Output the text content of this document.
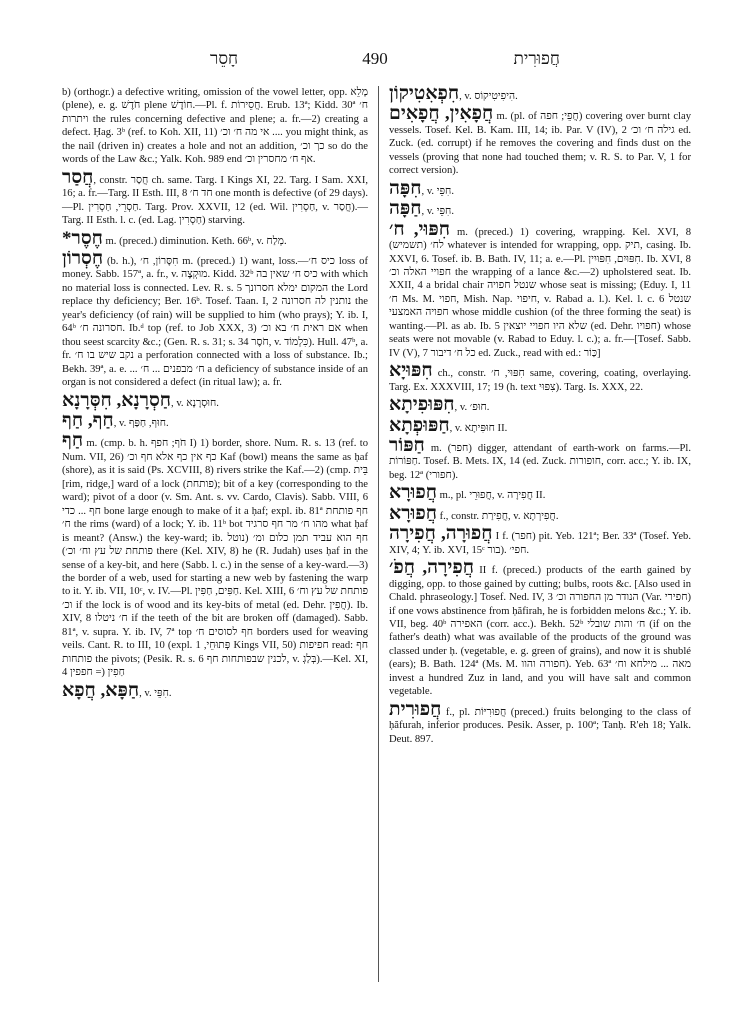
חָסֵר	490	חֲפוּרִית

b) (orthogr.) a defective writing, omission of the vowel letter, opp. מָלֵא (plene), e. g. חֹדֶשׁ plene חוֹדֶשׁ.—Pl. f. חֲסֵירוֹת. Erub. 13ª; Kidd. 30ª ח׳ ויתרות the rules concerning defective and plene; a. fr.—2) creating a defect. Ḥag. 3ᵇ (ref. to Koh. XII, 11) אי מה ח׳ וכ׳ .... you might think, as the nail (driven in) creates a hole and not an addition, כך וכ׳ so do the words of the Law &c.; Yalk. Koh. 989 end אף ח׳ מחסרין וכ׳.

חֲסַר, constr. חֲסַר ch. same. Targ. I Kings XI, 22. Targ. I Sam. XXI, 16; a. fr.—Targ. II Esth. III, 8 חד ח׳ one month is defective (of 29 days).—Pl. חַסְרֵי, חַסְרִין. Targ. Prov. XXVII, 12 (ed. Wil. חַסְרִין, v. חֲסַר).—Targ. II Esth. l. c. (ed. Lag. חַסְרִין) starving.

*חֶסֶר m. (preced.) diminution. Keth. 66ᵇ, v. מְלַח.

חֶסְרוֹן (b. h.), חִסָּרוֹן, ח׳ m. (preced.) 1) want, loss.—כיס ח׳ loss of money. Sabb. 157ª, a. fr., v. מוּקְצֶה. Kidd. 32ᵇ כיס ח׳ שאין בה with which no material loss is connected. Lev. R. s. 5 המקום ימלא חסרונך the Lord replace thy deficiency; Ber. 16ᵇ. Tosef. Taan. I, 2 נותנין לה חסרונה the year's deficiency (of rain) will be supplied to him (who prays); Y. ib. I, 64ᵇ חסרונה ח׳. Ib.ᵈ top (ref. to Job XXX, 3) אם ראית ח׳ בא וכ׳ when thou seest scarcity &c.; (Gen. R. s. 31; s. 34 חֹסֶר, v. כִּלְמוֹד). Hull. 47ᵇ, a. fr. נקב שיש בו ח׳ a perforation connected with a loss of substance. Ib.; Bekh. 39ª, a. e. ... ח׳ מבפנים ... ח׳ a deficiency of substance inside of an organ is not considered a defect (in ritual law); a. fr.

חַסְרָנָא, חִסְּרָנָא, v. חוּסְרָנָא.

חַף, חַף, v. חוּף, חַפַּף.

חַף m. (cmp. b. h. חֹף; חפף I) 1) border, shore. Num. R. s. 13 (ref. to Num. VII, 26) כף אין כף אלא חף וכ׳ Kaf (bowl) means the same as ḥaf (shore), as it is said (Ps. XCVIII, 8) rivers strike the Kaf.—2) (cmp. בֵּית [rim, ridge,] ward of a lock (פותחת); bit of a key (corresponding to the ward); pivot of a door (v. Sm. Ant. s. vv. Cardo, Clavis). Sabb. VIII, 6 חף ... כדי bone large enough to make of it a ḥaf; expl. ib. 81ª חף פותחת ח׳ the rims (ward) of a lock; Y. ib. 11ᵇ bot מהו ח׳ מר חף סרגיד what ḥaf is meant? (Answ.) the key-ward; ib. חף הוא עביד תמן כלום ומ׳ (נוטל פותחת של עץ וח׳ וכ׳) there (Kel. XIV, 8) he (R. Judah) uses ḥaf in the sense of a key-bit, and here (Sabb. l. c.) in the sense of a key-ward.—3) the border of a web, used for starting a new web by fastening the warp to it. Y. ib. VII, 10ᶜ, v. IV.—Pl. חַפִּים, חַפִּין. Kel. XIII, 6 פותחת של עץ וח׳ וכ׳ if the lock is of wood and its key-bits of metal (ed. Dehr. חֲפִין). Ib. XIV, 8 ח׳ ניטלו if the teeth of the bit are broken off (damaged). Sabb. 81ª, v. supra. Y. ib. IV, 7ª top חף לסוסים ח׳ borders used for weaving veils. Cant. R. to III, 10 (expl. פְּתוּחֵי, 1 Kings VII, 50) חפיפות read: חף פותחות the pivots; (Pesik. R. s. 6 לכנין שבפותחות חף, v. בְּלַגְ).—Kel. XI, 4 חַפִין (= חפפין

חַפָּא, חֲפָא, v. חִפֵּי.

חִפְאִטִיקוֹן, v. הִיפִיטִיקוֹס.

חֲפָאִין, חֲפָאִים m. (pl. of חֲפֵי; חפה) covering over burnt clay vessels. Tosef. Kel. B. Kam. III, 14; ib. Par. V (IV), 2 גילה ח׳ וכ׳ ed. Zuck. (ed. corrupt) if he removes the covering and finds dust on the vessels (proving that none had touched them; v. R. S. to Par. V, 1 for correct version).

חִפָּה, v. חִפֵּי.

חַפָּה, v. חִפֵּי.

חִפּוּי, ח׳ m. (preced.) 1) covering, wrapping. Kel. XVI, 8 (תשמיש) לח׳ whatever is intended for wrapping, opp. תיק, casing. Ib. XXVI, 6. Tosef. ib. B. Bath. IV, 11; a. e.—Pl. חִפּוּיִם, חִפּוּיִין. Ib. XVI, 8 חפויי האלה וכ׳ the wrapping of a lance &c.—2) upholstered seat. Ib. XXII, 4 a bridal chair שנטל חפויה whose seat is missing; (Eduy. I, 11 ח׳ Ms. M. חפוי, Mish. Nap. חיפוי, v. Rabad a. l.). Kel. l. c. 6 שנטל חפויה האמצעי whose middle cushion (of the three forming the seat) is wanting.—Pl. as ab. Ib. 5 שלא היו חפויי יוצאין (ed. Dehr. חפויו) whose seats were not movable (v. Rabad to Eduy. l. c.); a. fr.—[Tosef. Sabb. IV (V), 7 כל ח׳ דיבור ed. Zuck., read with ed.: כַּוֹר]

חִפּוּיָא ch., constr. חִפּוּי, ח׳ same, covering, coating, overlaying. Targ. Ex. XXXVIII, 17; 19 (h. text צִפּוּי). Targ. Is. XXX, 22.

חִפּוּפִיתָא, v. חוּפ׳.

חַפּוּפְתָא, v. חוּפִּיתָא II.

חַפּוֹר m. (חפר) digger, attendant of earth-work on farms.—Pl. חַפּוֹרוֹת. Tosef. B. Mets. IX, 14 (ed. Zuck. חופורות, corr. acc.; Y. ib. IX, beg. 12ª (חפורי).

חֲפוּרָא m., pl. חֲפוּרֵי, v. חֲפִירָה II.

חֲפוּרָא f., constr. חֲפִירַת, v. חֲפִירְתָא.

חֲפוּרָה, חֲפִירָה I f. (חפר) pit. Yeb. 121ª; Ber. 33ª (Tosef. Yeb. XIV, 4; Y. ib. XVI, 15ᶜ בור). חפי׳.

חֲפִירָה, חֲפֹ׳ II f. (preced.) products of the earth gained by digging, opp. to those gained by cutting; bulbs, roots &c. [Also used in Chald. phraseology.] Tosef. Ned. IV, 3 הנודר מן החפורה וכ׳ (Var. חפירי) if one vows abstinence from ḥăfirah, he is forbidden melons &c.; Y. ib. VII, beg. 40ᵇ האפירה (corr. acc.). Bekh. 52ᵇ ח׳ והות שובלי (if on the father's death) what was available of the products of the ground was classed under ḥ. (vegetable, e. g. green of grains), and now it is shublé (ears); B. Bath. 124ª (Ms. M. חפורה והוו). Yeb. 63ª מאה ... מילחא וח׳ invest a hundred Zuz in land, and you will have salt and common vegetable.

חֲפוּרִית f., pl. חֲפוּרִיּוֹת (preced.) fruits belonging to the class of ḥăfurah, inferior produces. Pesik. Asser, p. 100ª; Tanḥ. R'eh 18; Yalk. Deut. 897.
